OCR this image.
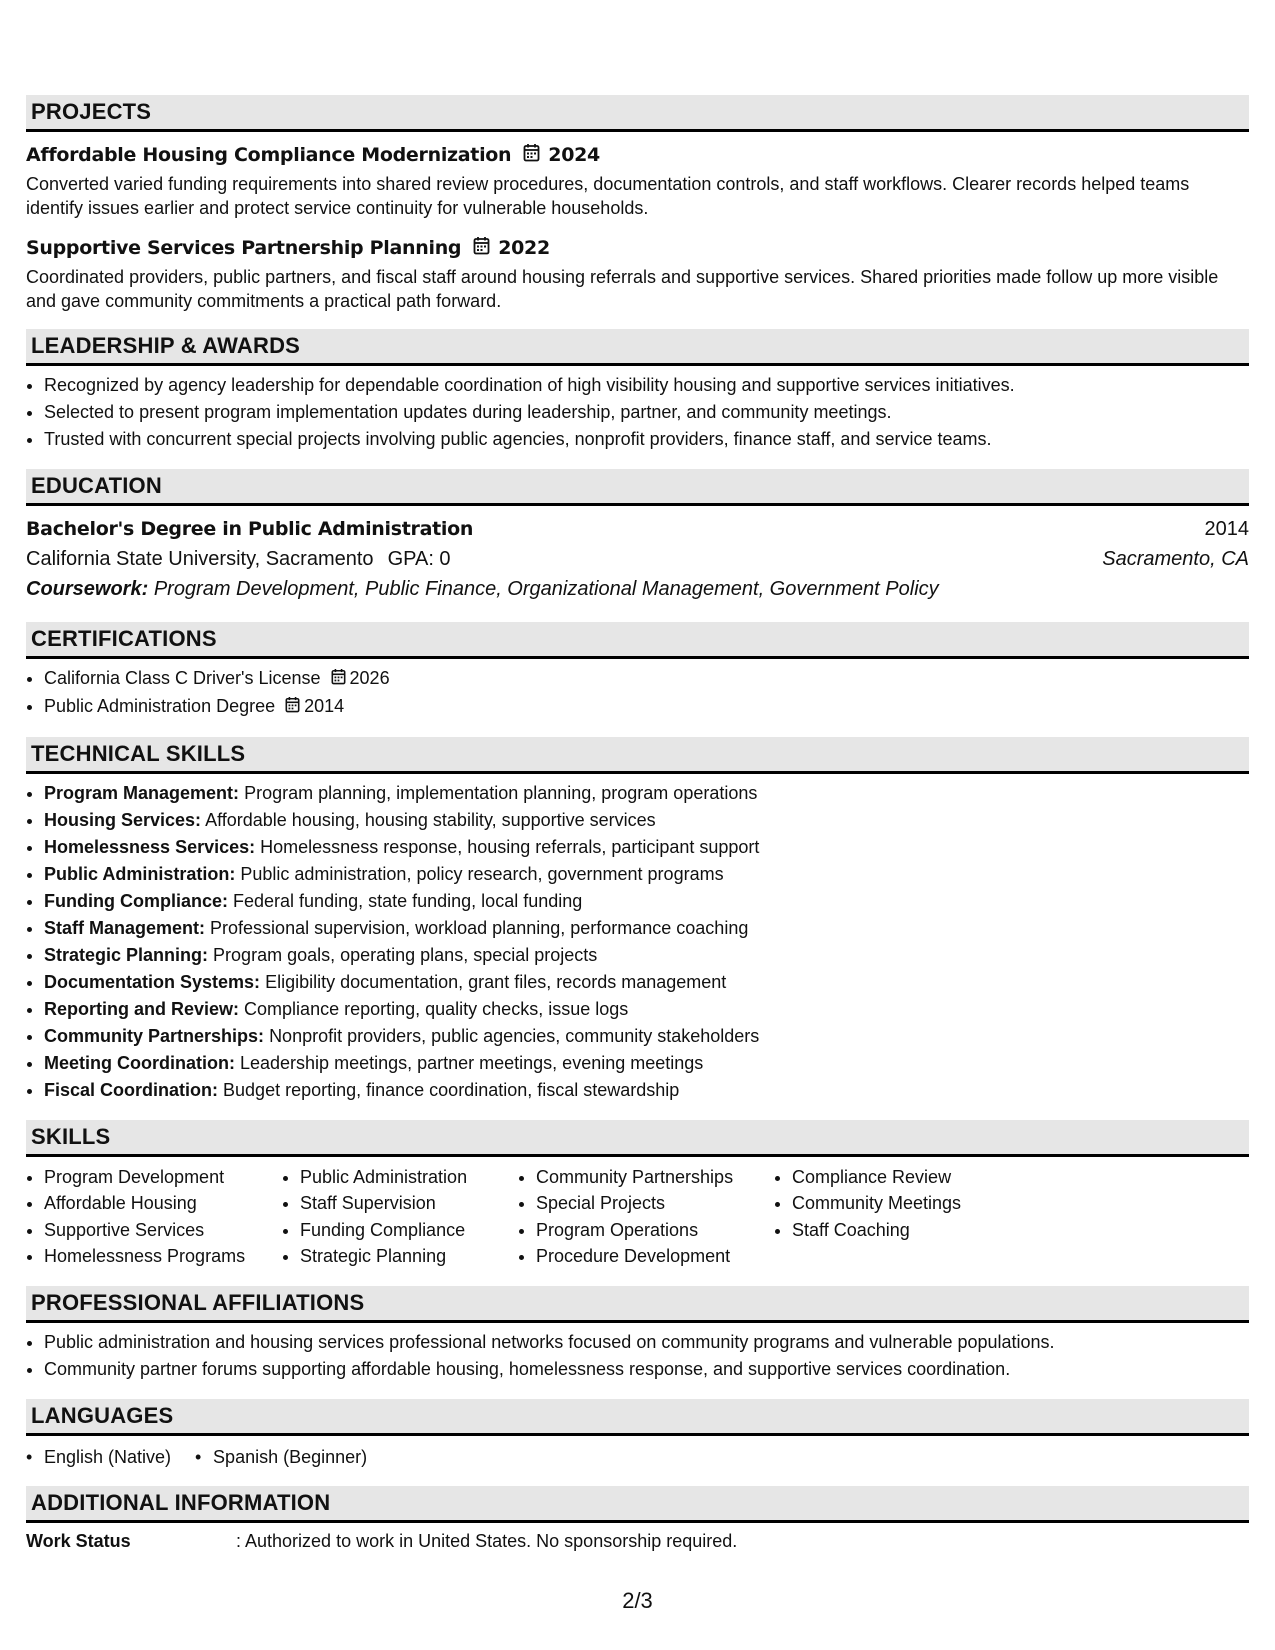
PROJECTS
Affordable Housing Compliance Modernization 2024
Converted varied funding requirements into shared review procedures, documentation controls, and staff workflows. Clearer records helped teams identify issues earlier and protect service continuity for vulnerable households.
Supportive Services Partnership Planning 2022
Coordinated providers, public partners, and fiscal staff around housing referrals and supportive services. Shared priorities made follow up more visible and gave community commitments a practical path forward.
LEADERSHIP & AWARDS
• Recognized by agency leadership for dependable coordination of high visibility housing and supportive services initiatives.
• Selected to present program implementation updates during leadership, partner, and community meetings.
• Trusted with concurrent special projects involving public agencies, nonprofit providers, finance staff, and service teams.
EDUCATION
Bachelor's Degree in Public Administration	2014
California State University, Sacramento GPA: 0	Sacramento, CA
Coursework: Program Development, Public Finance, Organizational Management, Government Policy
CERTIFICATIONS
• California Class C Driver's License 2026
• Public Administration Degree 2014
TECHNICAL SKILLS
• Program Management: Program planning, implementation planning, program operations
• Housing Services: Affordable housing, housing stability, supportive services
• Homelessness Services: Homelessness response, housing referrals, participant support
• Public Administration: Public administration, policy research, government programs
• Funding Compliance: Federal funding, state funding, local funding
• Staff Management: Professional supervision, workload planning, performance coaching
• Strategic Planning: Program goals, operating plans, special projects
• Documentation Systems: Eligibility documentation, grant files, records management
• Reporting and Review: Compliance reporting, quality checks, issue logs
• Community Partnerships: Nonprofit providers, public agencies, community stakeholders
• Meeting Coordination: Leadership meetings, partner meetings, evening meetings
• Fiscal Coordination: Budget reporting, finance coordination, fiscal stewardship
SKILLS
• Program Development
• Affordable Housing
• Supportive Services
• Homelessness Programs
• Public Administration
• Staff Supervision
• Funding Compliance
• Strategic Planning
• Community Partnerships
• Special Projects
• Program Operations
• Procedure Development
• Compliance Review
• Community Meetings
• Staff Coaching
PROFESSIONAL AFFILIATIONS
• Public administration and housing services professional networks focused on community programs and vulnerable populations.
• Community partner forums supporting affordable housing, homelessness response, and supportive services coordination.
LANGUAGES
• English (Native)
•	Spanish (Beginner)
ADDITIONAL INFORMATION
Work Status	: Authorized to work in United States. No sponsorship required.
2/3
